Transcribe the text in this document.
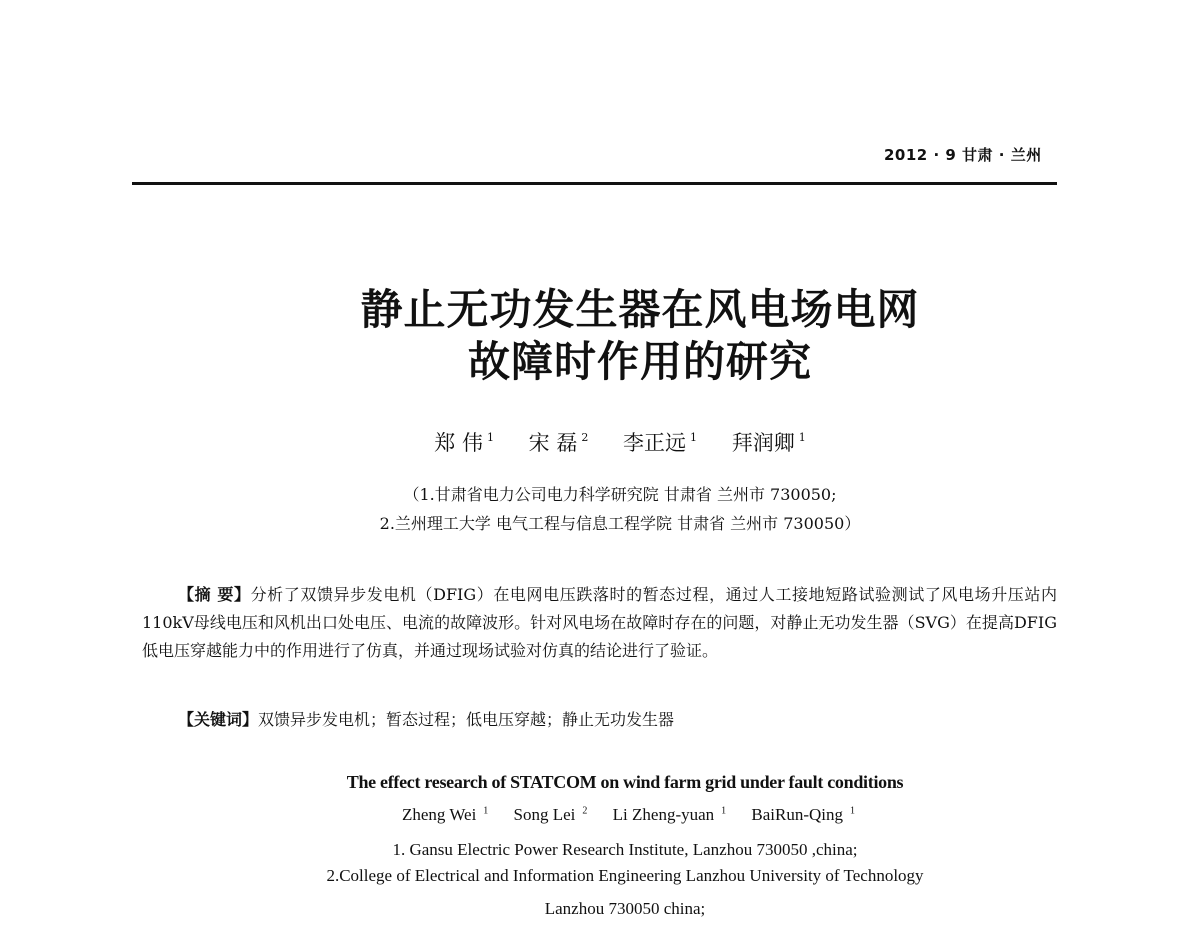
2012 · 9 甘肃 · 兰州
静止无功发生器在风电场电网
故障时作用的研究
郑 伟 $^1$ 宋 磊 $^2$ 李正远 $^1$ 拜润卿 $^1$
（1.甘肃省电力公司电力科学研究院 甘肃省 兰州市 730050;
2.兰州理工大学 电气工程与信息工程学院 甘肃省 兰州市 730050）

【摘 要】分析了双馈异步发电机（DFIG）在电网电压跌落时的暂态过程，通过人工接地短路试验测试了风电场升压站内110kV母线电压和风机出口处电压、电流的故障波形。针对风电场在故障时存在的问题，对静止无功发生器（SVG）在提高DFIG低电压穿越能力中的作用进行了仿真，并通过现场试验对仿真的结论进行了验证。

【关键词】双馈异步发电机；暂态过程；低电压穿越；静止无功发生器

The effect research of STATCOM on wind farm grid under fault conditions
Zheng Wei $^1$ Song Lei $^2$ Li Zheng-yuan $^1$ BaiRun-Qing $^1$
1. Gansu Electric Power Research Institute, Lanzhou 730050 ,china;
2.College of Electrical and Information Engineering Lanzhou University of Technology
Lanzhou 730050 china;
